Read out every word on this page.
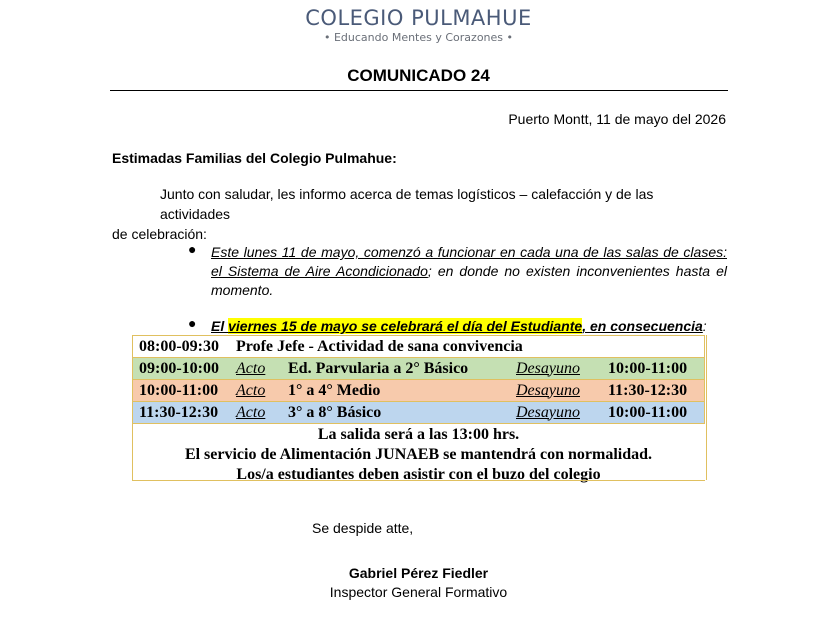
COLEGIO PULMAHUE
• Educando Mentes y Corazones •
COMUNICADO 24
Puerto Montt, 11 de mayo del 2026
Estimadas Familias del Colegio Pulmahue:
Junto con saludar, les informo acerca de temas logísticos – calefacción y de las actividades
de celebración:
● Este lunes 11 de mayo, comenzó a funcionar en cada una de las salas de clases: el Sistema de Aire Acondicionado; en donde no existen inconvenientes hasta el momento.
● El viernes 15 de mayo se celebrará el día del Estudiante, en consecuencia:
08:00-09:30	Profe Jefe - Actividad de sana convivencia			
09:00-10:00	Acto	Ed. Parvularia a 2° Básico	Desayuno	10:00-11:00
10:00-11:00	Acto	1° a 4° Medio	Desayuno	11:30-12:30
11:30-12:30	Acto	3° a 8° Básico	Desayuno	10:00-11:00
La salida será a las 13:00 hrs.
El servicio de Alimentación JUNAEB se mantendrá con normalidad.
Los/a estudiantes deben asistir con el buzo del colegio
Se despide atte,
Gabriel Pérez Fiedler
Inspector General Formativo
